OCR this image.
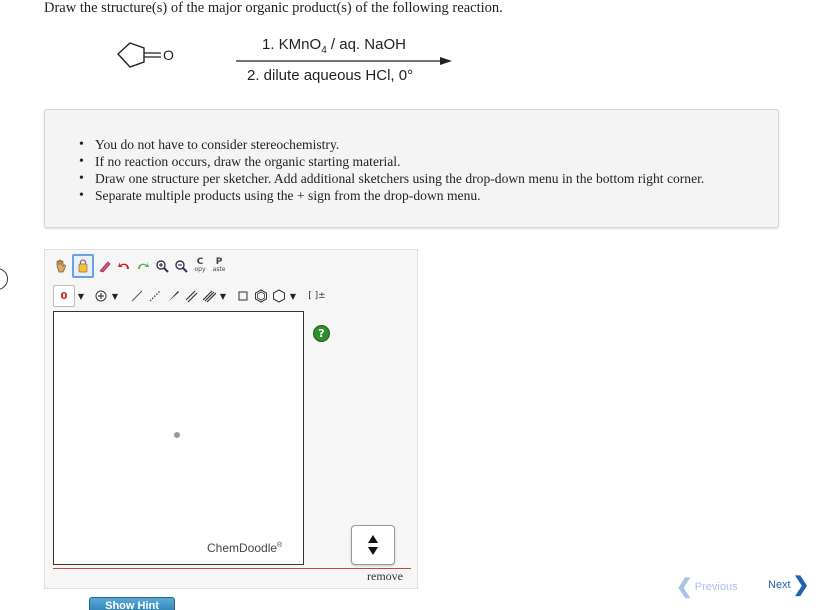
Draw the structure(s) of the major organic product(s) of the following reaction.
O
1. KMnO$_4$ / aq. NaOH
2. dilute aqueous HCl, 0°
• You do not have to consider stereochemistry.
• If no reaction occurs, draw the organic starting material.
• Draw one structure per sketcher. Add additional sketchers using the drop-down menu in the bottom right corner.
• Separate multiple products using the + sign from the drop-down menu.
C
opy
P
aste
0 ▼	▼	▼	▼ [ ]±
?
ChemDoodle®
remove	❮ Previous	Next ❯
Show Hint
